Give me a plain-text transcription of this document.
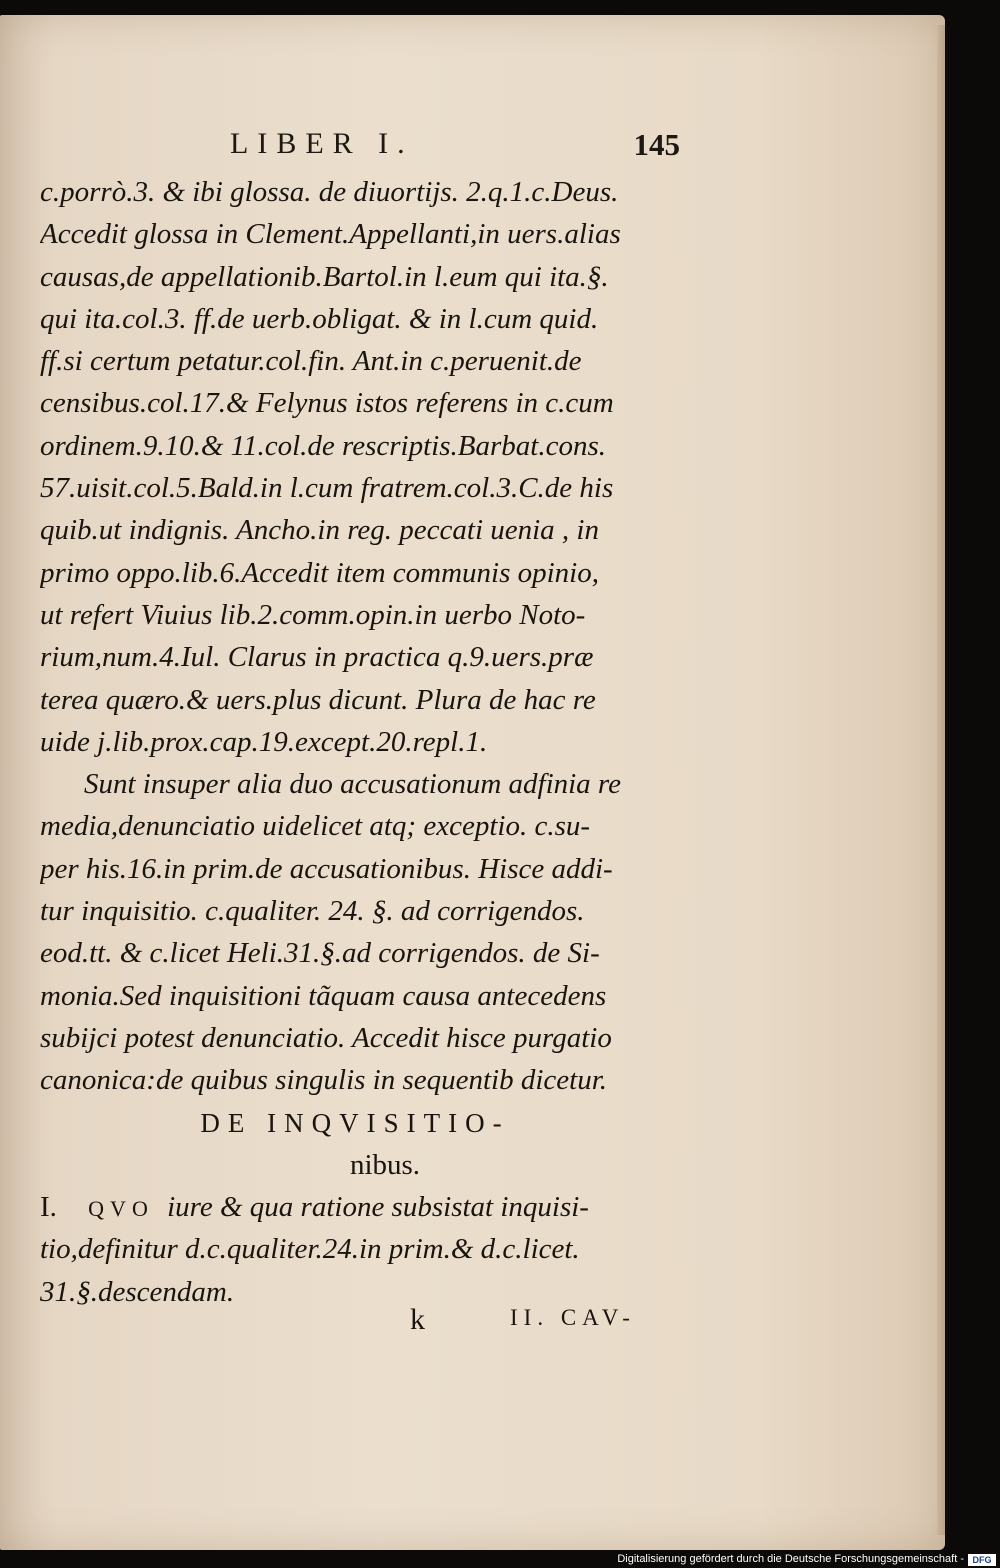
LIBER I.	145
c.porrò.3. & ibi glossa. de diuortijs. 2.q.1.c.Deus.
Accedit glossa in Clement.Appellanti,in uers.alias
causas,de appellationib.Bartol.in l.eum qui ita.§.
qui ita.col.3. ff.de uerb.obligat. & in l.cum quid.
ff.si certum petatur.col.fin. Ant.in c.peruenit.de
censibus.col.17.& Felynus istos referens in c.cum
ordinem.9.10.& 11.col.de rescriptis.Barbat.cons.
57.uisit.col.5.Bald.in l.cum fratrem.col.3.C.de his
quib.ut indignis. Ancho.in reg. peccati uenia , in
primo oppo.lib.6.Accedit item communis opinio,
ut refert Viuius lib.2.comm.opin.in uerbo Noto-
rium,num.4.Iul. Clarus in practica q.9.uers.præ
terea quæro.& uers.plus dicunt. Plura de hac re
uide j.lib.prox.cap.19.except.20.repl.1.
Sunt insuper alia duo accusationum adfinia re
media,denunciatio uidelicet atq; exceptio. c.su-
per his.16.in prim.de accusationibus. Hisce addi-
tur inquisitio. c.qualiter. 24. §. ad corrigendos.
eod.tt. & c.licet Heli.31.§.ad corrigendos. de Si-
monia.Sed inquisitioni tãquam causa antecedens
subijci potest denunciatio. Accedit hisce purgatio
canonica:de quibus singulis in sequentib dicetur.
DE INQVISITIO-
nibus.
I. QVO iure & qua ratione subsistat inquisi-
tio,definitur d.c.qualiter.24.in prim.& d.c.licet.
31.§.descendam.
k	II. CAV-
Digitalisierung gefördert durch die Deutsche Forschungsgemeinschaft - DFG
